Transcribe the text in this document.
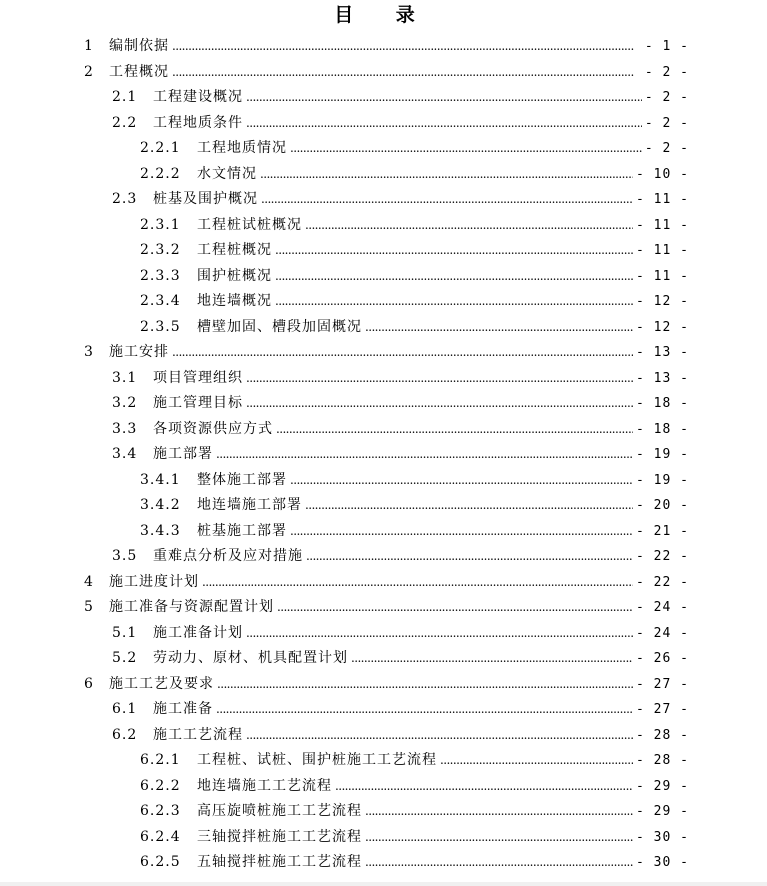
目 录
1	编制依据 . . .	- 1 -
2	工程概况 . . .	- 2 -
2.1	工程建设概况 . . .	- 2 -
2.2	工程地质条件 . . .	- 2 -
2.2.1	工程地质情况 . . .	- 2 -
2.2.2	水文情况 . . .	- 10 -
2.3	桩基及围护概况 . . .	- 11 -
2.3.1	工程桩试桩概况 . . .	- 11 -
2.3.2	工程桩概况 . . .	- 11 -
2.3.3	围护桩概况 . . .	- 11 -
2.3.4	地连墙概况 . . .	- 12 -
2.3.5	槽壁加固、槽段加固概况 . . .	- 12 -
3	施工安排 . . .	- 13 -
3.1	项目管理组织 . . .	- 13 -
3.2	施工管理目标 . . .	- 18 -
3.3	各项资源供应方式 . . .	- 18 -
3.4	施工部署 . . .	- 19 -
3.4.1	整体施工部署 . . .	- 19 -
3.4.2	地连墙施工部署 . . .	- 20 -
3.4.3	桩基施工部署 . . .	- 21 -
3.5	重难点分析及应对措施 . . .	- 22 -
4	施工进度计划 . . .	- 22 -
5	施工准备与资源配置计划 . . .	- 24 -
5.1	施工准备计划 . . .	- 24 -
5.2	劳动力、原材、机具配置计划 . . .	- 26 -
6	施工工艺及要求 . . .	- 27 -
6.1	施工准备 . . .	- 27 -
6.2	施工工艺流程 . . .	- 28 -
6.2.1	工程桩、试桩、围护桩施工工艺流程 . . .	- 28 -
6.2.2	地连墙施工工艺流程 . . .	- 29 -
6.2.3	高压旋喷桩施工工艺流程 . . .	- 29 -
6.2.4	三轴搅拌桩施工工艺流程 . . .	- 30 -
6.2.5	五轴搅拌桩施工工艺流程 . . .	- 30 -
